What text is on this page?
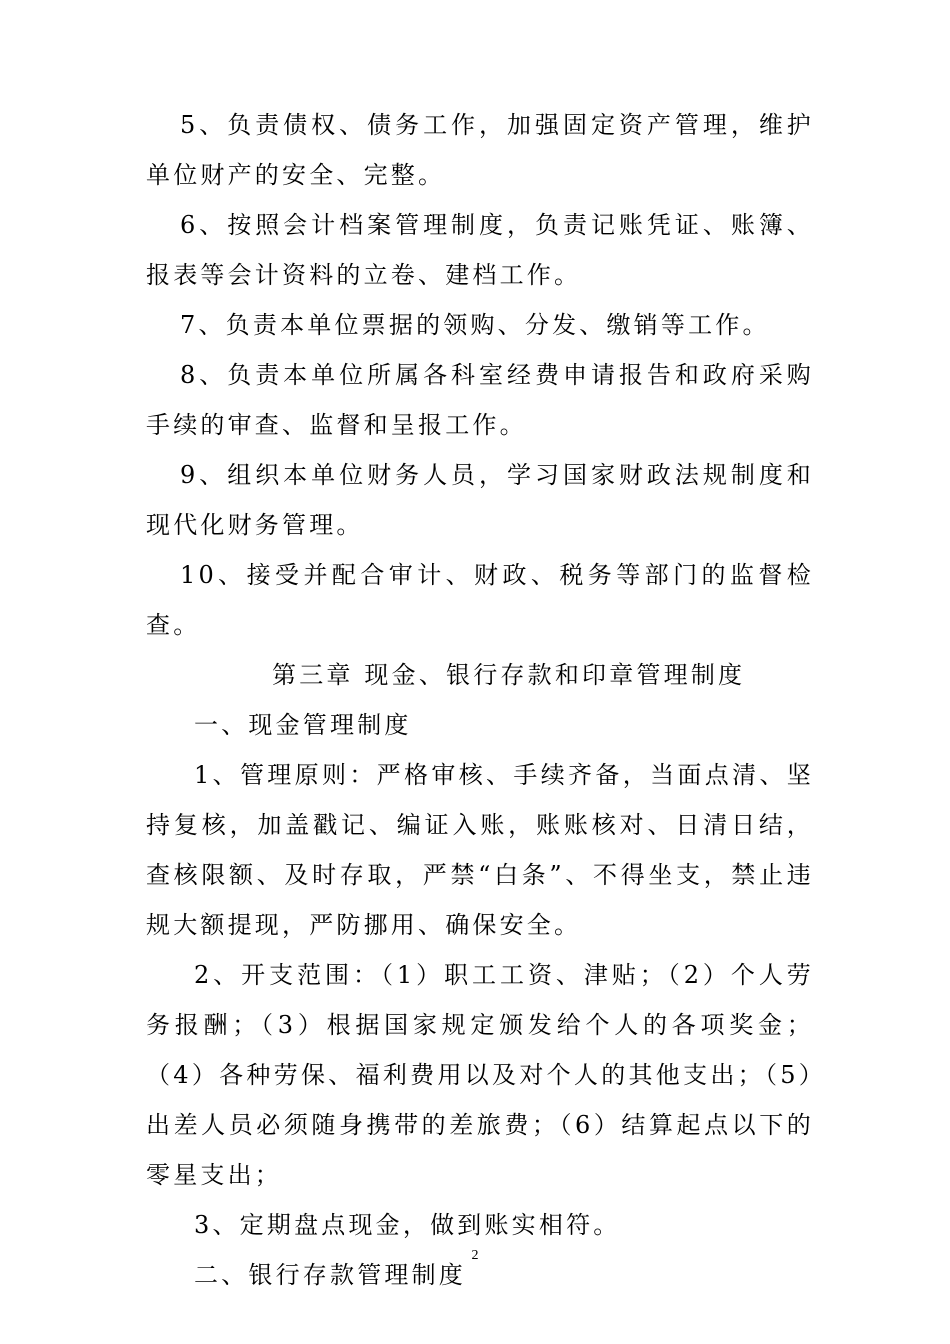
5、负责债权、债务工作，加强固定资产管理，维护单位财产的安全、完整。

6、按照会计档案管理制度，负责记账凭证、账簿、报表等会计资料的立卷、建档工作。

7、负责本单位票据的领购、分发、缴销等工作。

8、负责本单位所属各科室经费申请报告和政府采购手续的审查、监督和呈报工作。

9、组织本单位财务人员，学习国家财政法规制度和现代化财务管理。

10、接受并配合审计、财政、税务等部门的监督检查。

第三章 现金、银行存款和印章管理制度

一、现金管理制度

1、管理原则：严格审核、手续齐备，当面点清、坚持复核，加盖戳记、编证入账，账账核对、日清日结，查核限额、及时存取，严禁“白条”、不得坐支，禁止违规大额提现，严防挪用、确保安全。

2、开支范围：（1）职工工资、津贴；（2）个人劳务报酬；（3）根据国家规定颁发给个人的各项奖金；（4）各种劳保、福利费用以及对个人的其他支出；（5）出差人员必须随身携带的差旅费；（6）结算起点以下的零星支出；

3、定期盘点现金，做到账实相符。

二、银行存款管理制度

2
